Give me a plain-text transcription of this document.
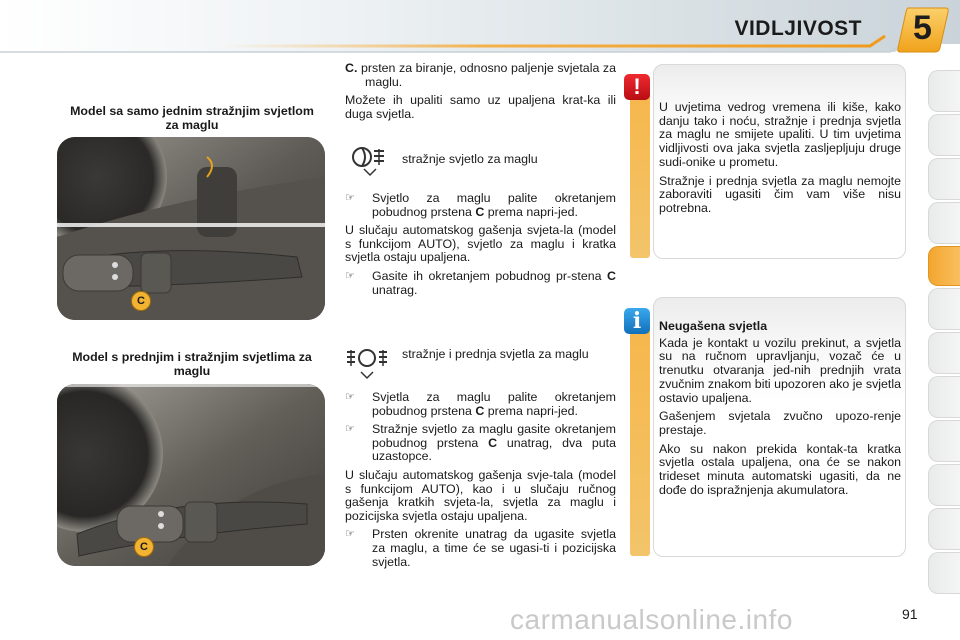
VIDLJIVOST 5
Model sa samo jednim stražnjim svjetlom za maglu
C
Model s prednjim i stražnjim svjetlima za maglu
C

C. prsten za biranje, odnosno paljenje svjetala za maglu.

Možete ih upaliti samo uz upaljena krat-ka ili duga svjetla.

stražnje svjetlo za maglu

☞ Svjetlo za maglu palite okretanjem pobudnog prstena C prema napri-jed.

U slučaju automatskog gašenja svjeta-la (model s funkcijom AUTO), svjetlo za maglu i kratka svjetla ostaju upaljena.

☞ Gasite ih okretanjem pobudnog pr-stena C unatrag.

stražnje i prednja svjetla za maglu

☞ Svjetla za maglu palite okretanjem pobudnog prstena C prema napri-jed.

☞ Stražnje svjetlo za maglu gasite okretanjem pobudnog prstena C unatrag, dva puta uzastopce.

U slučaju automatskog gašenja svje-tala (model s funkcijom AUTO), kao i u slučaju ručnog gašenja kratkih svjeta-la, svjetla za maglu i pozicijska svjetla ostaju upaljena.

☞ Prsten okrenite unatrag da ugasite svjetla za maglu, a time će se ugasi-ti i pozicijska svjetla.

U uvjetima vedrog vremena ili kiše, kako danju tako i noću, stražnje i prednja svjetla za maglu ne smijete upaliti. U tim uvjetima vidljivosti ova jaka svjetla zasljepljuju druge sudi-onike u prometu.

Stražnje i prednja svjetla za maglu nemojte zaboraviti ugasiti čim vam više nisu potrebna.

!

Neugašena svjetla

Kada je kontakt u vozilu prekinut, a svjetla su na ručnom upravljanju, vozač će u trenutku otvaranja jed-nih prednjih vrata zvučnim znakom biti upozoren ako je svjetla ostavio upaljena.

Gašenjem svjetala zvučno upozo-renje prestaje.

Ako su nakon prekida kontak-ta kratka svjetla ostala upaljena, ona će se nakon trideset minuta automatski ugasiti, da ne dođe do ispražnjenja akumulatora.

i
91
carmanualsonline.info
